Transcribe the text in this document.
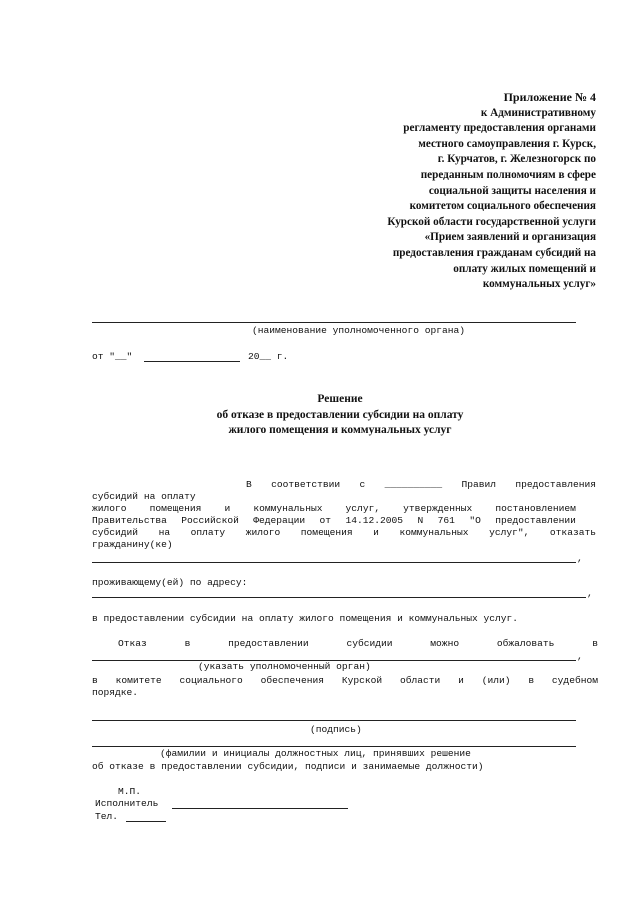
Приложение № 4
к Административному
регламенту предоставления органами
местного самоуправления г. Курск,
г. Курчатов, г. Железногорск по
переданным полномочиям в сфере
социальной защиты населения и
комитетом социального обеспечения
Курской области государственной услуги
«Прием заявлений и организация
предоставления гражданам субсидий на
оплату жилых помещений и
коммунальных услуг»
(наименование уполномоченного органа)
от "__"	20__ г.
Решение
об отказе в предоставлении субсидии на оплату
жилого помещения и коммунальных услуг
В соответствии с __________ Правил предоставления
субсидий на оплату
жилого помещения и коммунальных услуг, утвержденных постановлением
Правительства Российской Федерации от 14.12.2005 N 761 "О предоставлении
субсидий на оплату жилого помещения и коммунальных услуг", отказать
гражданину(ке)
,
проживающему(ей) по адресу:
,
в предоставлении субсидии на оплату жилого помещения и коммунальных услуг.
Отказ	в	предоставлении	субсидии	можно	обжаловать	в
,
(указать уполномоченный орган)
в комитете социального обеспечения Курской области и (или) в судебном
порядке.
(подпись)
(фамилии и инициалы должностных лиц, принявших решение
об отказе в предоставлении субсидии, подписи и занимаемые должности)
М.П.
Исполнитель
Тел.
